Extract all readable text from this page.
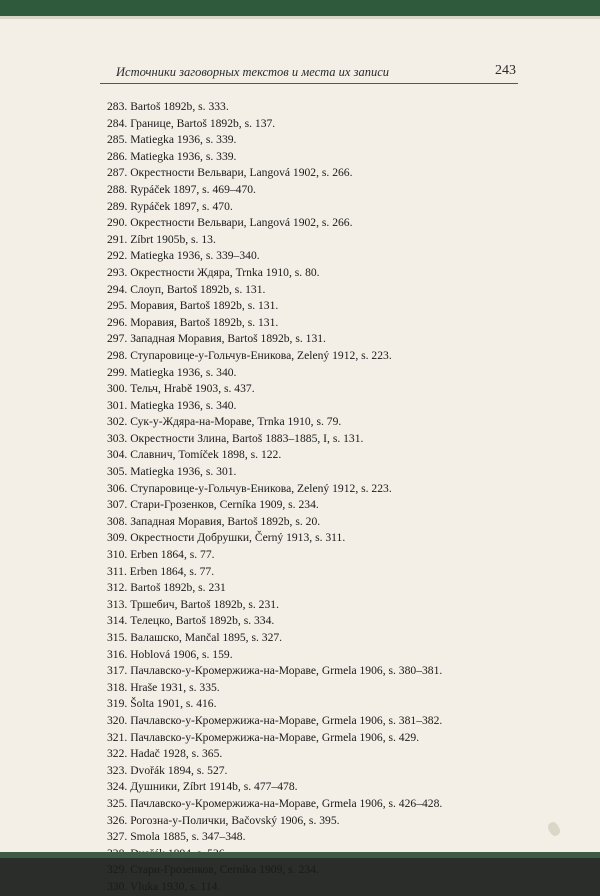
Источники заговорных текстов и места их записи	243
283. Bartoš 1892b, s. 333.
284. Границе, Bartoš 1892b, s. 137.
285. Matiegka 1936, s. 339.
286. Matiegka 1936, s. 339.
287. Окрестности Вельвари, Langová 1902, s. 266.
288. Rypáček 1897, s. 469–470.
289. Rypáček 1897, s. 470.
290. Окрестности Вельвари, Langová 1902, s. 266.
291. Zíbrt 1905b, s. 13.
292. Matiegka 1936, s. 339–340.
293. Окрестности Ждяра, Trnka 1910, s. 80.
294. Слоуп, Bartoš 1892b, s. 131.
295. Моравия, Bartoš 1892b, s. 131.
296. Моравия, Bartoš 1892b, s. 131.
297. Западная Моравия, Bartoš 1892b, s. 131.
298. Ступаровице-у-Гольчув-Еникова, Zelený 1912, s. 223.
299. Matiegka 1936, s. 340.
300. Тельч, Hrabě 1903, s. 437.
301. Matiegka 1936, s. 340.
302. Сук-у-Ждяра-на-Мораве, Trnka 1910, s. 79.
303. Окрестности Злина, Bartoš 1883–1885, I, s. 131.
304. Славнич, Tomíček 1898, s. 122.
305. Matiegka 1936, s. 301.
306. Ступаровице-у-Гольчув-Еникова, Zelený 1912, s. 223.
307. Стари-Грозенков, Cerníka 1909, s. 234.
308. Западная Моравия, Bartoš 1892b, s. 20.
309. Окрестности Добрушки, Černý 1913, s. 311.
310. Erben 1864, s. 77.
311. Erben 1864, s. 77.
312. Bartoš 1892b, s. 231
313. Тршебич, Bartoš 1892b, s. 231.
314. Телецко, Bartoš 1892b, s. 334.
315. Валашско, Mančal 1895, s. 327.
316. Hoblová 1906, s. 159.
317. Пачлавско-у-Кромержижа-на-Мораве, Grmela 1906, s. 380–381.
318. Hraše 1931, s. 335.
319. Šolta 1901, s. 416.
320. Пачлавско-у-Кромержижа-на-Мораве, Grmela 1906, s. 381–382.
321. Пачлавско-у-Кромержижа-на-Мораве, Grmela 1906, s. 429.
322. Hadač 1928, s. 365.
323. Dvořák 1894, s. 527.
324. Душники, Zíbrt 1914b, s. 477–478.
325. Пачлавско-у-Кромержижа-на-Мораве, Grmela 1906, s. 426–428.
326. Рогозна-у-Полички, Bačovský 1906, s. 395.
327. Smola 1885, s. 347–348.
329. Стари-Грозенков, Cerníka 1909, s. 234.
330. Vluka 1930, s. 114.
